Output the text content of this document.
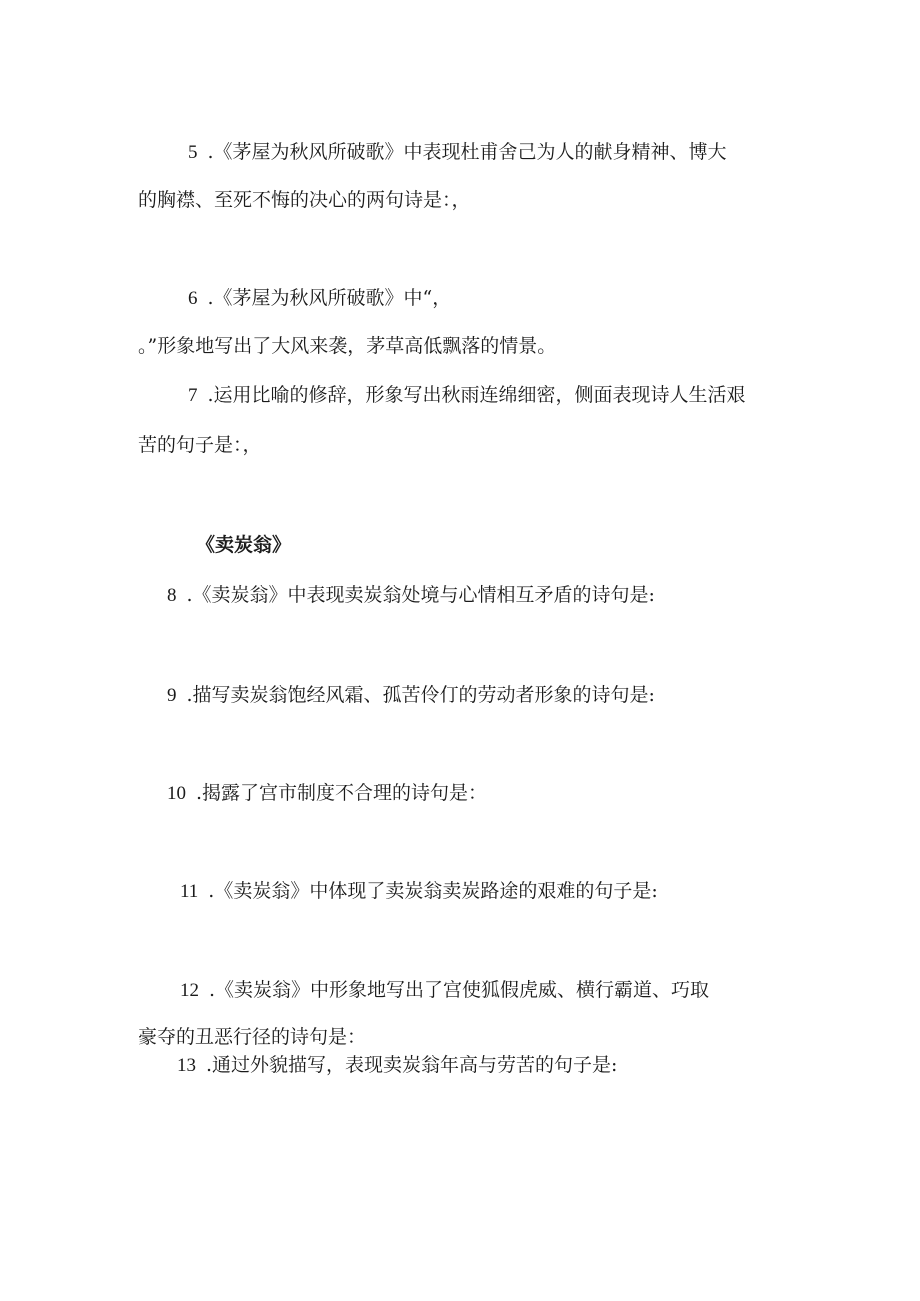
5 .《茅屋为秋风所破歌》中表现杜甫舍己为人的献身精神、博大
的胸襟、至死不悔的决心的两句诗是：，
6 .《茅屋为秋风所破歌》中“，
。”形象地写出了大风来袭，茅草高低飘落的情景。
7 .运用比喻的修辞，形象写出秋雨连绵细密，侧面表现诗人生活艰
苦的句子是：，
《卖炭翁》
8 .《卖炭翁》中表现卖炭翁处境与心情相互矛盾的诗句是:
9 .描写卖炭翁饱经风霜、孤苦伶仃的劳动者形象的诗句是:
10 .揭露了宫市制度不合理的诗句是：
11 .《卖炭翁》中体现了卖炭翁卖炭路途的艰难的句子是:
12 .《卖炭翁》中形象地写出了宫使狐假虎威、横行霸道、巧取
豪夺的丑恶行径的诗句是：
13 .通过外貌描写，表现卖炭翁年高与劳苦的句子是:
